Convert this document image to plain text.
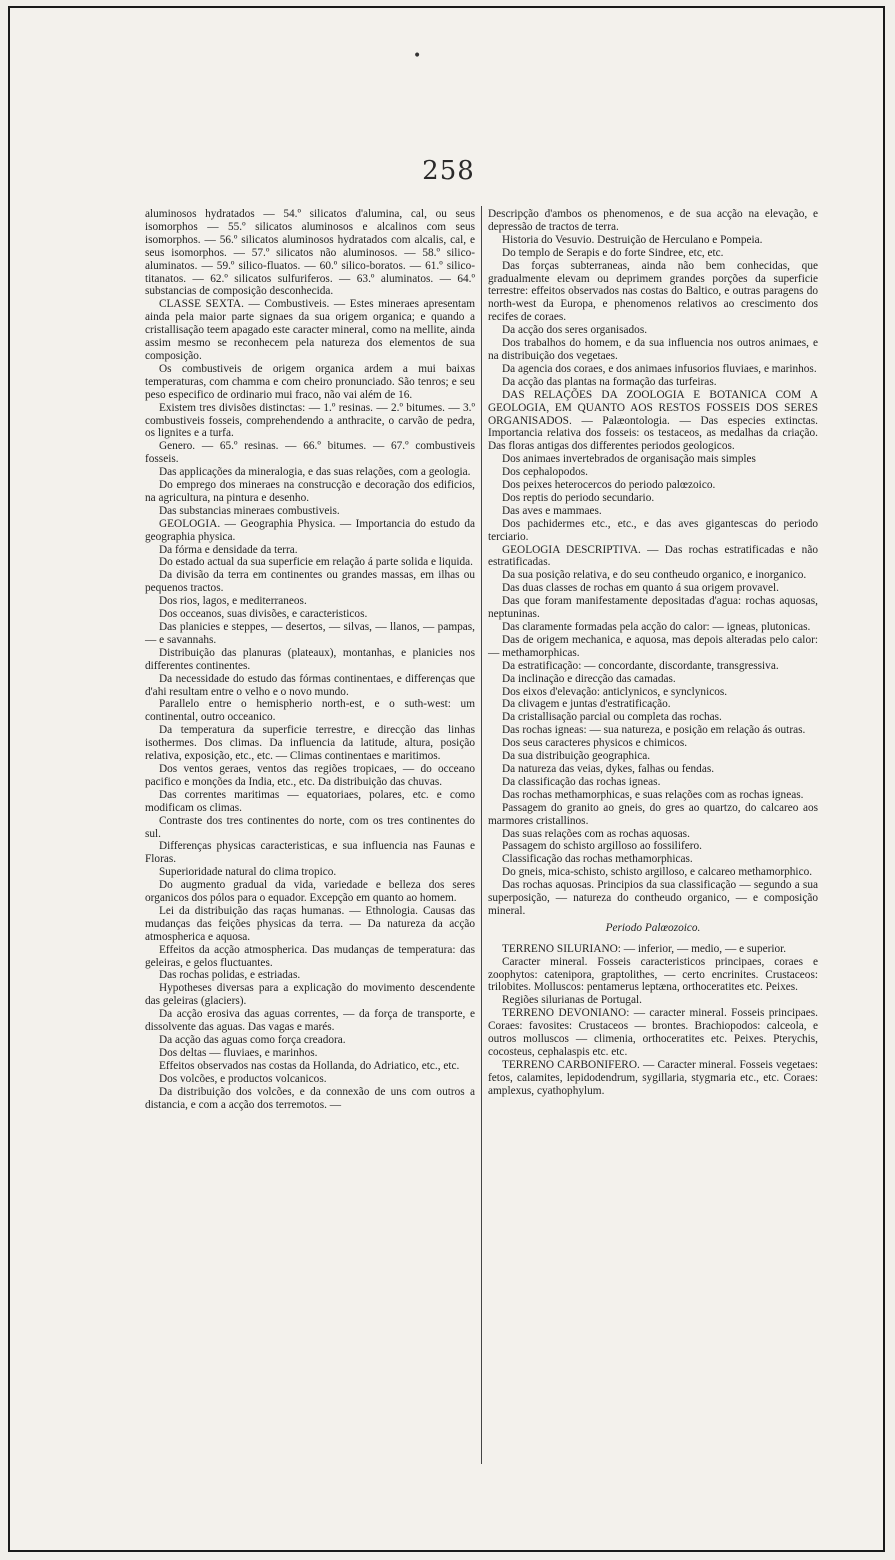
•
258

aluminosos hydratados — 54.º silicatos d'alumina, cal, ou seus isomorphos — 55.º silicatos aluminosos e alcalinos com seus isomorphos. — 56.º silicatos aluminosos hydratados com alcalis, cal, e seus isomorphos. — 57.º silicatos não aluminosos. — 58.º silico-aluminatos. — 59.º silico-fluatos. — 60.º silico-boratos. — 61.º silico-titanatos. — 62.º silicatos sulfuriferos. — 63.º aluminatos. — 64.º substancias de composição desconhecida.

CLASSE SEXTA. — Combustiveis. — Estes mineraes apresentam ainda pela maior parte signaes da sua origem organica; e quando a cristallisação teem apagado este caracter mineral, como na mellite, ainda assim mesmo se reconhecem pela natureza dos elementos de sua composição.

Os combustiveis de origem organica ardem a mui baixas temperaturas, com chamma e com cheiro pronunciado. São tenros; e seu peso especifico de ordinario mui fraco, não vai além de 16.

Existem tres divisões distinctas: — 1.º resinas. — 2.º bitumes. — 3.º combustiveis fosseis, comprehendendo a anthracite, o carvão de pedra, os lignites e a turfa.

Genero. — 65.º resinas. — 66.º bitumes. — 67.º combustiveis fosseis.

Das applicações da mineralogia, e das suas relações, com a geologia.

Do emprego dos mineraes na construcção e decoração dos edificios, na agricultura, na pintura e desenho.

Das substancias mineraes combustiveis.

GEOLOGIA. — Geographia Physica. — Importancia do estudo da geographia physica.

Da fórma e densidade da terra.

Do estado actual da sua superficie em relação á parte solida e liquida.

Da divisão da terra em continentes ou grandes massas, em ilhas ou pequenos tractos.

Dos rios, lagos, e mediterraneos.

Dos occeanos, suas divisões, e caracteristicos.

Das planicies e steppes, — desertos, — silvas, — llanos, — pampas, — e savannahs.

Distribuição das planuras (plateaux), montanhas, e planicies nos differentes continentes.

Da necessidade do estudo das fórmas continentaes, e differenças que d'ahi resultam entre o velho e o novo mundo.

Parallelo entre o hemispherio north-est, e o suth-west: um continental, outro occeanico.

Da temperatura da superficie terrestre, e direcção das linhas isothermes. Dos climas. Da influencia da latitude, altura, posição relativa, exposição, etc., etc. — Climas continentaes e maritimos.

Dos ventos geraes, ventos das regiões tropicaes, — do occeano pacifico e monções da India, etc., etc. Da distribuição das chuvas.

Das correntes maritimas — equatoriaes, polares, etc. e como modificam os climas.

Contraste dos tres continentes do norte, com os tres continentes do sul.

Differenças physicas caracteristicas, e sua influencia nas Faunas e Floras.

Superioridade natural do clima tropico.

Do augmento gradual da vida, variedade e belleza dos seres organicos dos pólos para o equador. Excepção em quanto ao homem.

Lei da distribuição das raças humanas. — Ethnologia. Causas das mudanças das feições physicas da terra. — Da natureza da acção atmospherica e aquosa.

Effeitos da acção atmospherica. Das mudanças de temperatura: das geleiras, e gelos fluctuantes.

Das rochas polidas, e estriadas.

Hypotheses diversas para a explicação do movimento descendente das geleiras (glaciers).

Da acção erosiva das aguas correntes, — da força de transporte, e dissolvente das aguas. Das vagas e marés.

Da acção das aguas como força creadora.

Dos deltas — fluviaes, e marinhos.

Effeitos observados nas costas da Hollanda, do Adriatico, etc., etc.

Dos volcões, e productos volcanicos.

Da distribuição dos volcões, e da connexão de uns com outros a distancia, e com a acção dos terremotos. —

Descripção d'ambos os phenomenos, e de sua acção na elevação, e depressão de tractos de terra.

Historia do Vesuvio. Destruição de Herculano e Pompeia.

Do templo de Serapis e do forte Sindree, etc, etc.

Das forças subterraneas, ainda não bem conhecidas, que gradualmente elevam ou deprimem grandes porções da superficie terrestre: effeitos observados nas costas do Baltico, e outras paragens do north-west da Europa, e phenomenos relativos ao crescimento dos recifes de coraes.

Da acção dos seres organisados.

Dos trabalhos do homem, e da sua influencia nos outros animaes, e na distribuição dos vegetaes.

Da agencia dos coraes, e dos animaes infusorios fluviaes, e marinhos.

Da acção das plantas na formação das turfeiras.

DAS RELAÇÕES DA ZOOLOGIA E BOTANICA COM A GEOLOGIA, EM QUANTO AOS RESTOS FOSSEIS DOS SERES ORGANISADOS. — Palæontologia. — Das especies extinctas. Importancia relativa dos fosseis: os testaceos, as medalhas da criação. Das floras antigas dos differentes periodos geologicos.

Dos animaes invertebrados de organisação mais simples

Dos cephalopodos.

Dos peixes heterocercos do periodo palœzoico.

Dos reptis do periodo secundario.

Das aves e mammaes.

Dos pachidermes etc., etc., e das aves gigantescas do periodo terciario.

GEOLOGIA DESCRIPTIVA. — Das rochas estratificadas e não estratificadas.

Da sua posição relativa, e do seu contheudo organico, e inorganico.

Das duas classes de rochas em quanto á sua origem provavel.

Das que foram manifestamente depositadas d'agua: rochas aquosas, neptuninas.

Das claramente formadas pela acção do calor: — igneas, plutonicas.

Das de origem mechanica, e aquosa, mas depois alteradas pelo calor: — methamorphicas.

Da estratificação: — concordante, discordante, transgressiva.

Da inclinação e direcção das camadas.

Dos eixos d'elevação: anticlynicos, e synclynicos.

Da clivagem e juntas d'estratificação.

Da cristallisação parcial ou completa das rochas.

Das rochas igneas: — sua natureza, e posição em relação ás outras.

Dos seus caracteres physicos e chimicos.

Da sua distribuição geographica.

Da natureza das veias, dykes, falhas ou fendas.

Da classificação das rochas igneas.

Das rochas methamorphicas, e suas relações com as rochas igneas.

Passagem do granito ao gneis, do gres ao quartzo, do calcareo aos marmores cristallinos.

Das suas relações com as rochas aquosas.

Passagem do schisto argilloso ao fossilifero.

Classificação das rochas methamorphicas.

Do gneis, mica-schisto, schisto argilloso, e calcareo methamorphico.

Das rochas aquosas. Principios da sua classificação — segundo a sua superposição, — natureza do contheudo organico, — e composição mineral.

Periodo Palœozoico.

TERRENO SILURIANO: — inferior, — medio, — e superior.

Caracter mineral. Fosseis caracteristicos principaes, coraes e zoophytos: catenipora, graptolithes, — certo encrinites. Crustaceos: trilobites. Molluscos: pentamerus leptæna, orthoceratites etc. Peixes.

Regiões silurianas de Portugal.

TERRENO DEVONIANO: — caracter mineral. Fosseis principaes. Coraes: favosites: Crustaceos — brontes. Brachiopodos: calceola, e outros molluscos — climenia, orthoceratites etc. Peixes. Pterychis, cocosteus, cephalaspis etc. etc.

TERRENO CARBONIFERO. — Caracter mineral. Fosseis vegetaes: fetos, calamites, lepidodendrum, sygillaria, stygmaria etc., etc. Coraes: amplexus, cyathophylum.
